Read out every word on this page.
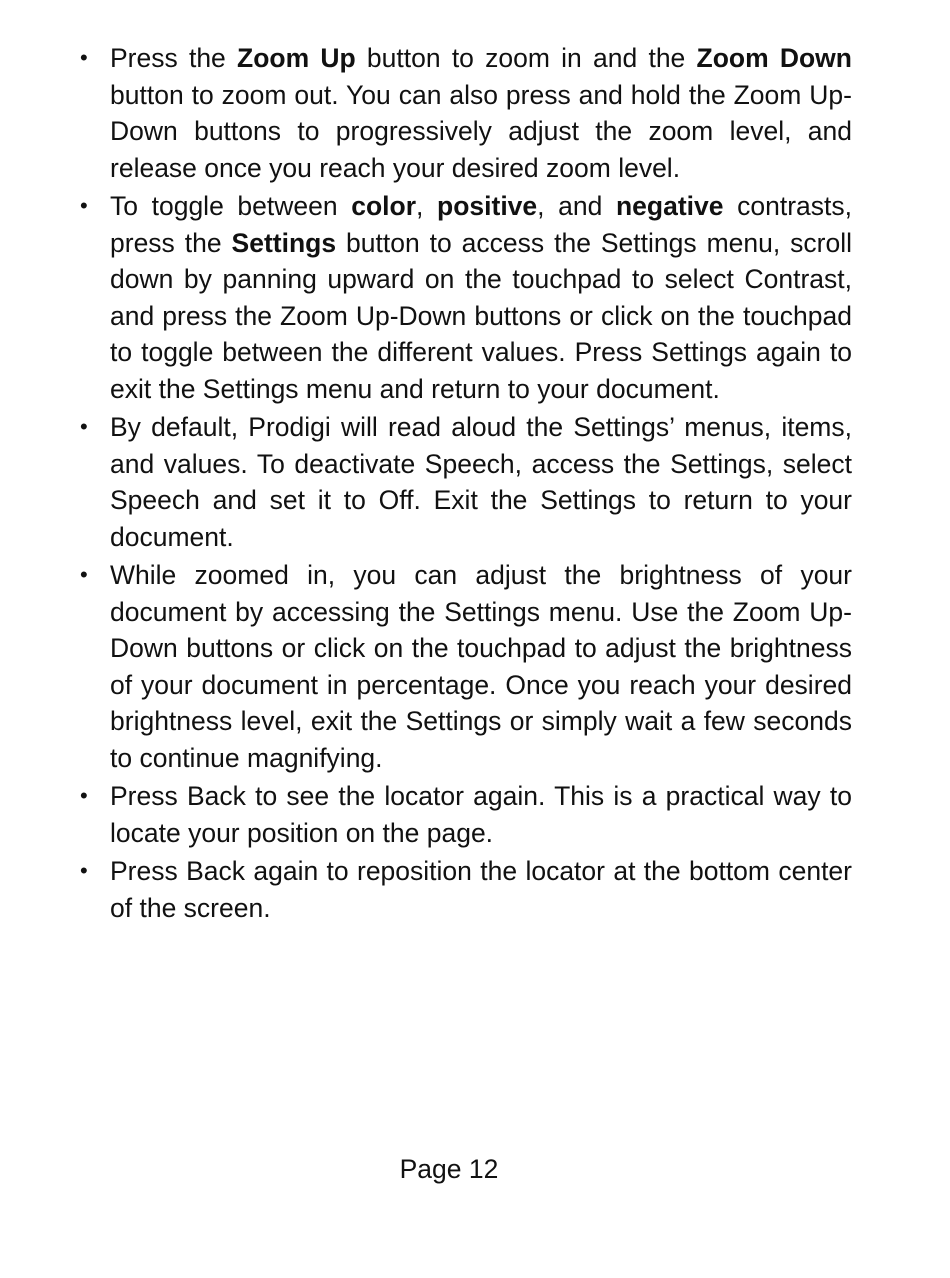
• Press the Zoom Up button to zoom in and the Zoom Down button to zoom out. You can also press and hold the Zoom Up-Down buttons to progressively adjust the zoom level, and release once you reach your desired zoom level.
• To toggle between color, positive, and negative contrasts, press the Settings button to access the Settings menu, scroll down by panning upward on the touchpad to select Contrast, and press the Zoom Up-Down buttons or click on the touchpad to toggle between the different values. Press Settings again to exit the Settings menu and return to your document.
• By default, Prodigi will read aloud the Settings’ menus, items, and values. To deactivate Speech, access the Settings, select Speech and set it to Off. Exit the Settings to return to your document.
• While zoomed in, you can adjust the brightness of your document by accessing the Settings menu. Use the Zoom Up-Down buttons or click on the touchpad to adjust the brightness of your document in percentage. Once you reach your desired brightness level, exit the Settings or simply wait a few seconds to continue magnifying.
• Press Back to see the locator again. This is a practical way to locate your position on the page.
• Press Back again to reposition the locator at the bottom center of the screen.
Page 12
